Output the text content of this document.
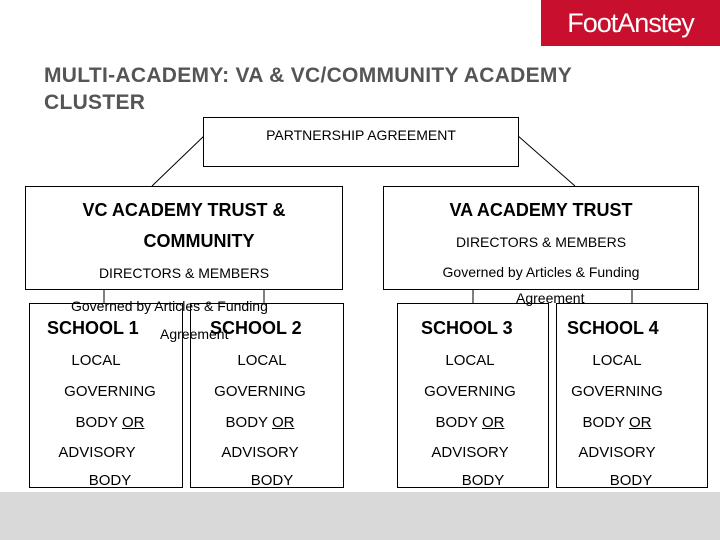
FootAnstey
MULTI-ACADEMY: VA & VC/COMMUNITY ACADEMY
CLUSTER
PARTNERSHIP AGREEMENT
VC ACADEMY TRUST &
COMMUNITY
DIRECTORS & MEMBERS
Governed by Articles & Funding
Agreement
VA ACADEMY TRUST
DIRECTORS & MEMBERS
Governed by Articles & Funding
Agreement
SCHOOL 1
LOCAL
GOVERNING
BODY OR
ADVISORY
BODY
SCHOOL 2
LOCAL
GOVERNING
BODY OR
ADVISORY
BODY
SCHOOL 3
LOCAL
GOVERNING
BODY OR
ADVISORY
BODY
SCHOOL 4
LOCAL
GOVERNING
BODY OR
ADVISORY
BODY
